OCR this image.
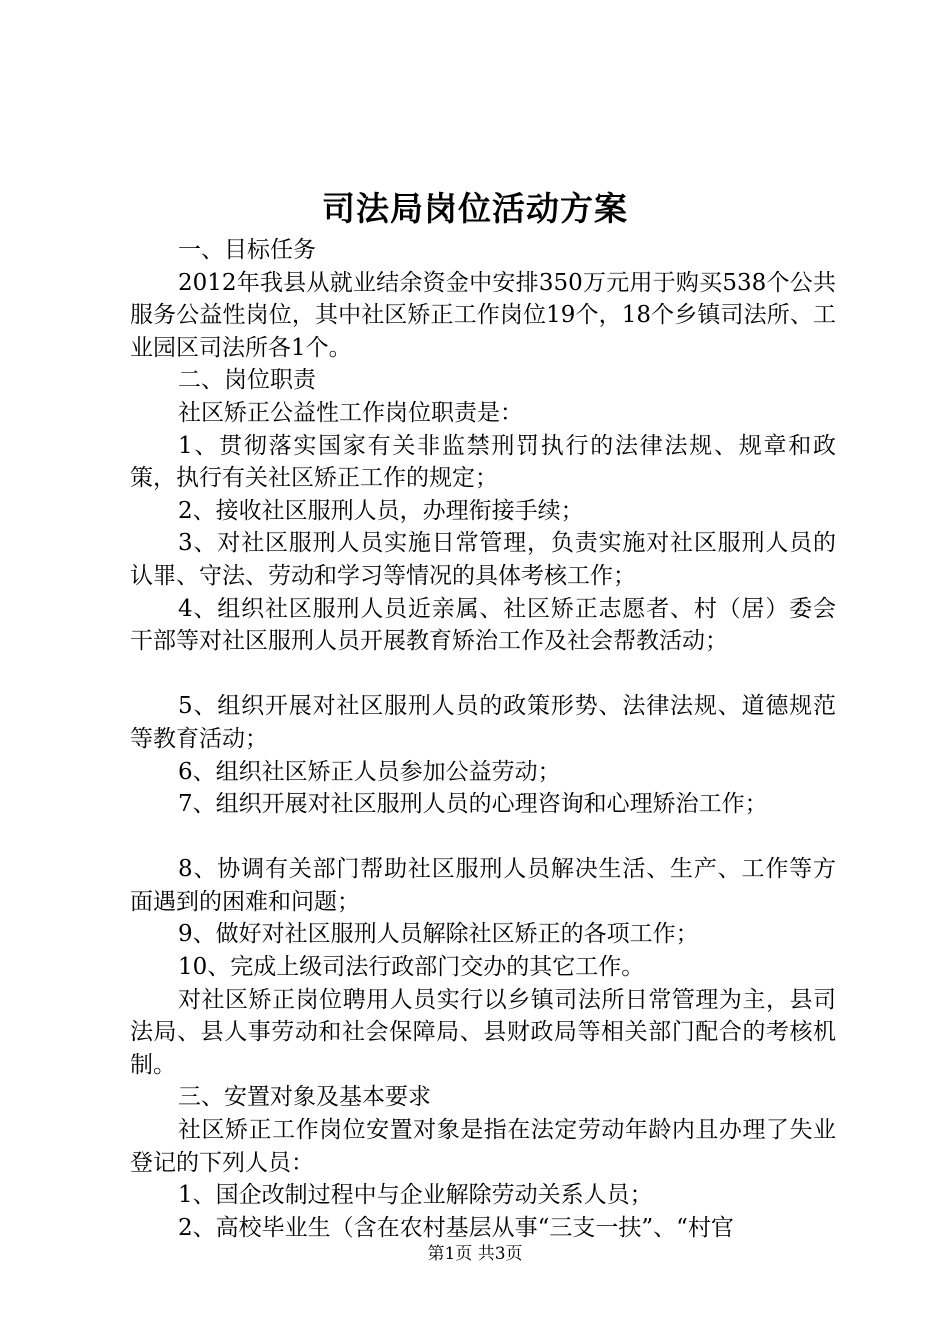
司法局岗位活动方案

一、目标任务

2012年我县从就业结余资金中安排350万元用于购买538个公共服务公益性岗位，其中社区矫正工作岗位19个，18个乡镇司法所、工业园区司法所各1个。

二、岗位职责

社区矫正公益性工作岗位职责是：

1、贯彻落实国家有关非监禁刑罚执行的法律法规、规章和政策，执行有关社区矫正工作的规定；

2、接收社区服刑人员，办理衔接手续；

3、对社区服刑人员实施日常管理，负责实施对社区服刑人员的认罪、守法、劳动和学习等情况的具体考核工作；

4、组织社区服刑人员近亲属、社区矫正志愿者、村（居）委会干部等对社区服刑人员开展教育矫治工作及社会帮教活动；

5、组织开展对社区服刑人员的政策形势、法律法规、道德规范等教育活动；

6、组织社区矫正人员参加公益劳动；

7、组织开展对社区服刑人员的心理咨询和心理矫治工作；

8、协调有关部门帮助社区服刑人员解决生活、生产、工作等方面遇到的困难和问题；

9、做好对社区服刑人员解除社区矫正的各项工作；

10、完成上级司法行政部门交办的其它工作。

对社区矫正岗位聘用人员实行以乡镇司法所日常管理为主，县司法局、县人事劳动和社会保障局、县财政局等相关部门配合的考核机制。

三、安置对象及基本要求

社区矫正工作岗位安置对象是指在法定劳动年龄内且办理了失业登记的下列人员：

1、国企改制过程中与企业解除劳动关系人员；

2、高校毕业生（含在农村基层从事“三支一扶”、“村官

第1页 共3页
